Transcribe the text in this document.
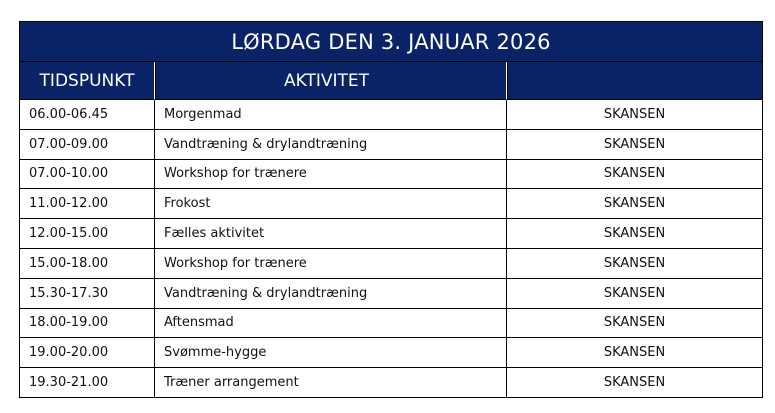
LØRDAG DEN 3. JANUAR 2026
TIDSPUNKT	AKTIVITET
06.00-06.45	Morgenmad	SKANSEN
07.00-09.00	Vandtræning & drylandtræning	SKANSEN
07.00-10.00	Workshop for trænere	SKANSEN
11.00-12.00	Frokost	SKANSEN
12.00-15.00	Fælles aktivitet	SKANSEN
15.00-18.00	Workshop for trænere	SKANSEN
15.30-17.30	Vandtræning & drylandtræning	SKANSEN
18.00-19.00	Aftensmad	SKANSEN
19.00-20.00	Svømme-hygge	SKANSEN
19.30-21.00	Træner arrangement	SKANSEN
